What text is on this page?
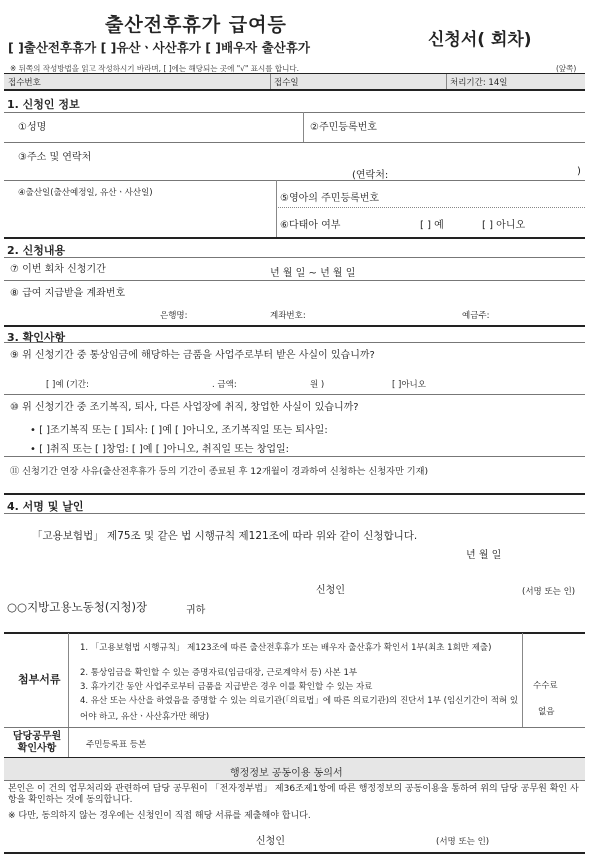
출산전후휴가 급여등
[ ]출산전후휴가 [ ]유산ㆍ사산휴가 [ ]배우자 출산휴가	신청서( 회차)
※ 뒤쪽의 작성방법을 읽고 작성하시기 바라며, [ ]에는 해당되는 곳에 "√" 표시를 합니다.	(앞쪽)
접수번호	접수일	처리기간: 14일
1. 신청인 정보
①성명	②주민등록번호
③주소 및 연락처
(연락처:	)
④출산일(출산예정일, 유산ㆍ사산일)	⑤영아의 주민등록번호
⑥다태아 여부	[ ] 예	[ ] 아니오
2. 신청내용
⑦ 이번 회차 신청기간	년 월 일 ~ 년 월 일
⑧ 급여 지급받을 계좌번호
은행명:	계좌번호:	예금주:
3. 확인사항
⑨ 위 신청기간 중 통상임금에 해당하는 금품을 사업주로부터 받은 사실이 있습니까?
[ ]예 (기간:	. 금액:	원 )	[ ]아니오
⑩ 위 신청기간 중 조기복직, 퇴사, 다른 사업장에 취직, 창업한 사실이 있습니까?
• [ ]조기복직 또는 [ ]퇴사: [ ]예 [ ]아니오, 조기복직일 또는 퇴사일:
• [ ]취직 또는 [ ]창업: [ ]예 [ ]아니오, 취직일 또는 창업일:
⑪ 신청기간 연장 사유(출산전후휴가 등의 기간이 종료된 후 12개월이 경과하여 신청하는 신청자만 기재)
4. 서명 및 날인
「고용보험법」 제75조 및 같은 법 시행규칙 제121조에 따라 위와 같이 신청합니다.
년 월 일
신청인	(서명 또는 인)
○○지방고용노동청(지청)장	귀하
첨부서류
1. 「고용보험법 시행규칙」 제123조에 따른 출산전후휴가 또는 배우자 출산휴가 확인서 1부(최초 1회만 제출)
2. 통상임금을 확인할 수 있는 증명자료(임금대장, 근로계약서 등) 사본 1부
3. 휴가기간 동안 사업주로부터 금품을 지급받은 경우 이를 확인할 수 있는 자료
4. 유산 또는 사산을 하였음을 증명할 수 있는 의료기관(「의료법」에 따른 의료기관)의 진단서 1부 (임신기간이 적혀 있어야 하고, 유산ㆍ사산휴가만 해당)
수수료
없음
담당공무원 확인사항	주민등록표 등본
행정정보 공동이용 동의서
본인은 이 건의 업무처리와 관련하여 담당 공무원이 「전자정부법」 제36조제1항에 따른 행정정보의 공동이용을 통하여 위의 담당 공무원 확인 사항을 확인하는 것에 동의합니다.
※ 다만, 동의하지 않는 경우에는 신청인이 직접 해당 서류를 제출해야 합니다.
신청인	(서명 또는 인)
